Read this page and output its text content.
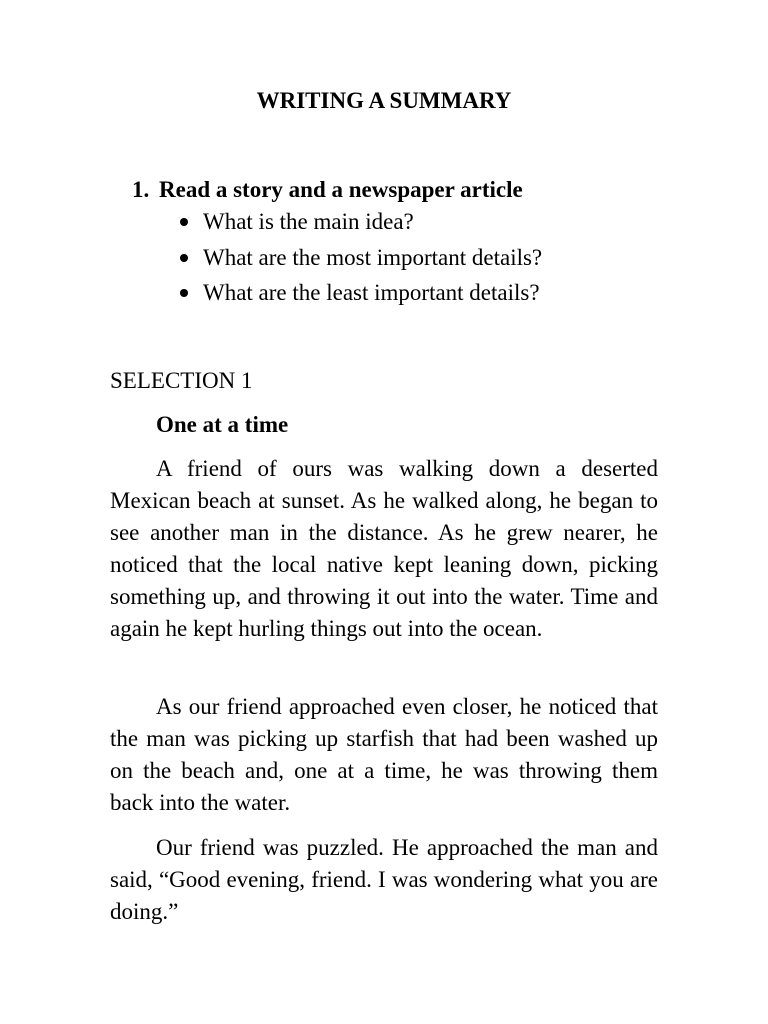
WRITING A SUMMARY

1. Read a story and a newspaper article

What is the main idea?
What are the most important details?
What are the least important details?

SELECTION 1

One at a time

A friend of ours was walking down a deserted Mexican beach at sunset. As he walked along, he began to see another man in the distance. As he grew nearer, he noticed that the local native kept leaning down, picking something up, and throwing it out into the water. Time and again he kept hurling things out into the ocean.

As our friend approached even closer, he noticed that the man was picking up starfish that had been washed up on the beach and, one at a time, he was throwing them back into the water.

Our friend was puzzled. He approached the man and said, “Good evening, friend. I was wondering what you are doing.”
